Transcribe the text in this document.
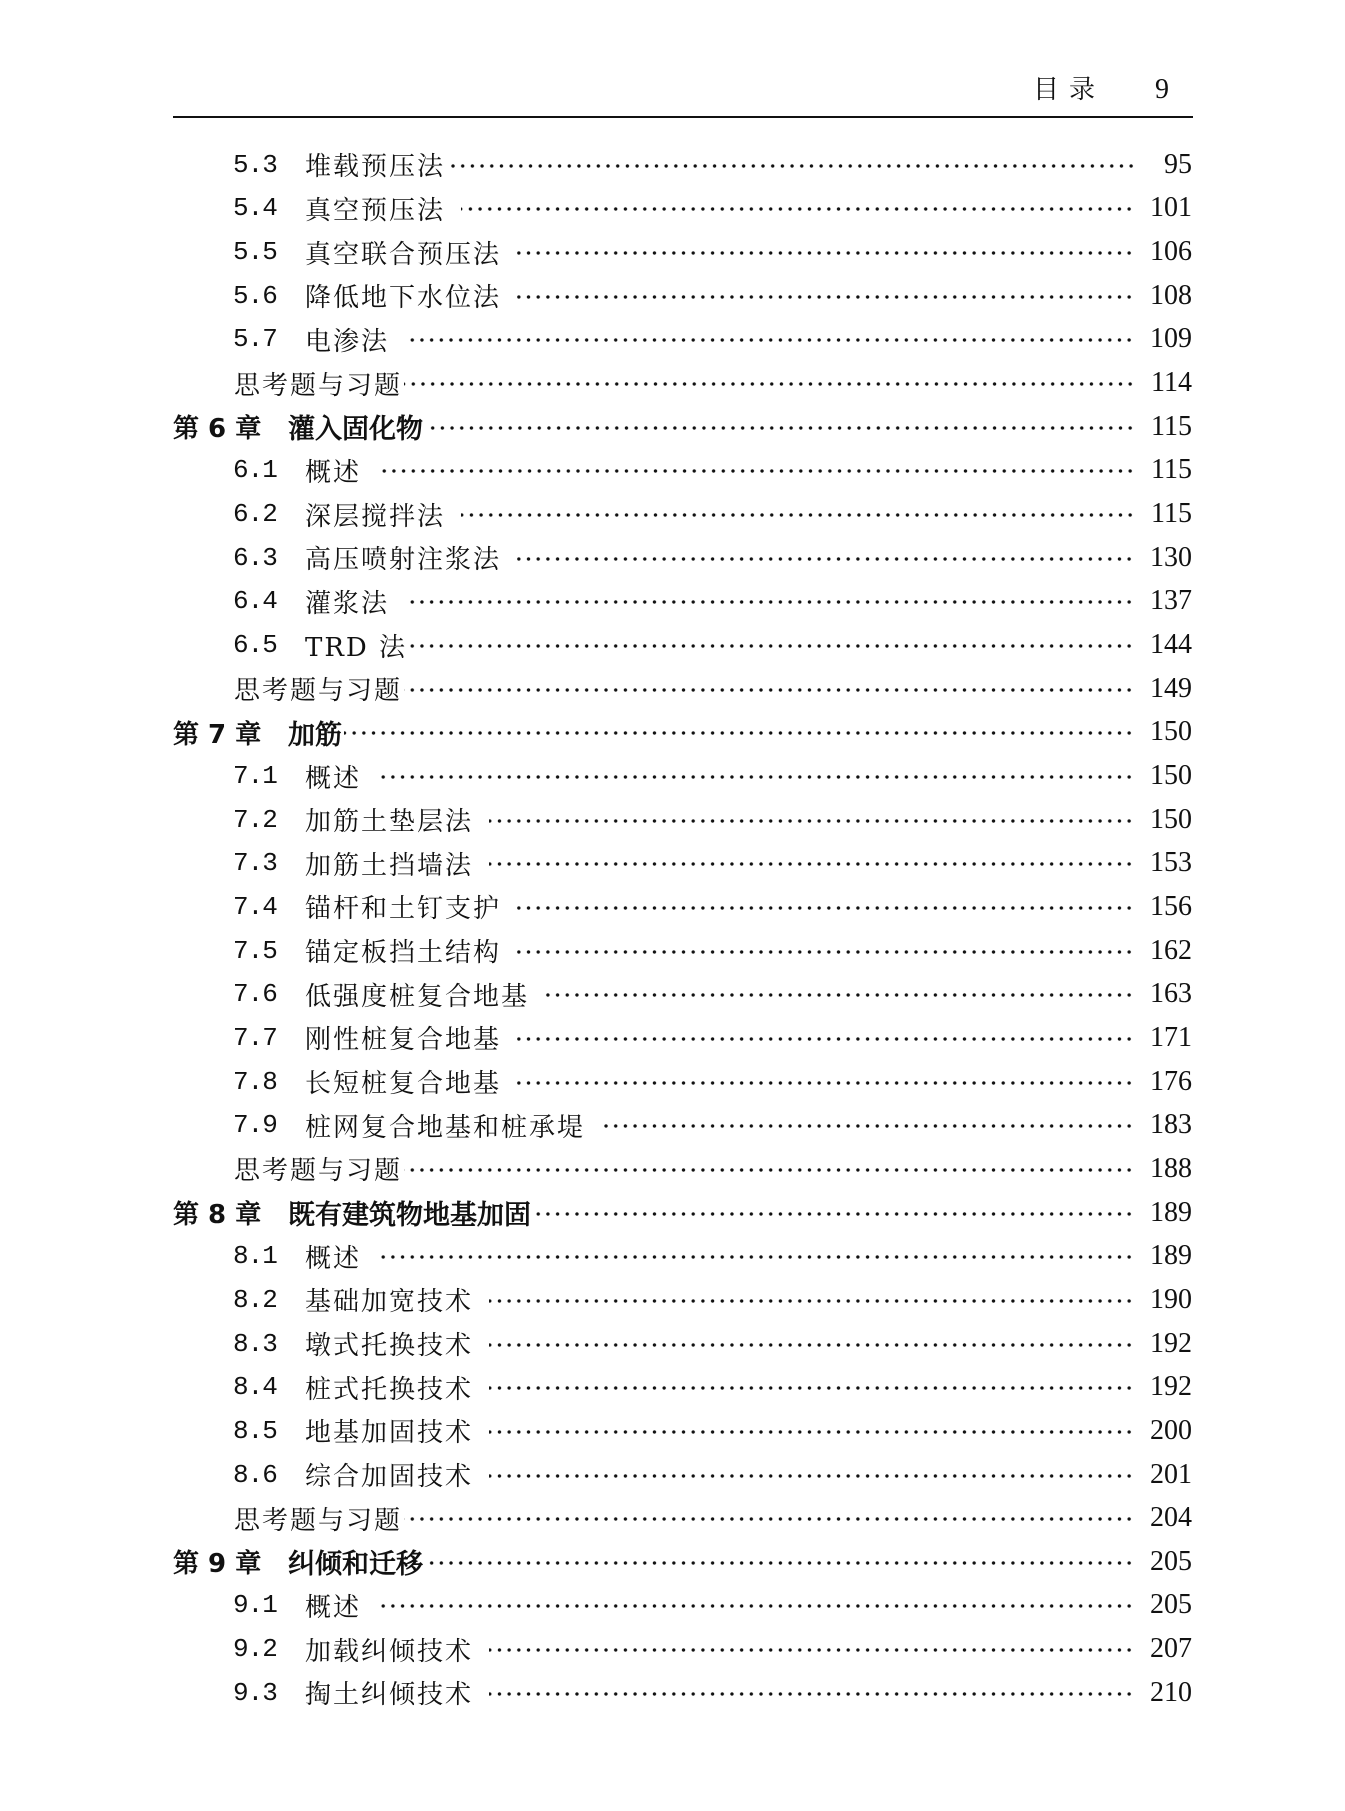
目录 9
5.3	堆载预压法	95
5.4	真空预压法	101
5.5	真空联合预压法	106
5.6	降低地下水位法	108
5.7	电渗法	109
思考题与习题	114
第 6 章 灌入固化物	115
6.1	概述	115
6.2	深层搅拌法	115
6.3	高压喷射注浆法	130
6.4	灌浆法	137
6.5	TRD 法	144
思考题与习题	149
第 7 章 加筋	150
7.1	概述	150
7.2	加筋土垫层法	150
7.3	加筋土挡墙法	153
7.4	锚杆和土钉支护	156
7.5	锚定板挡土结构	162
7.6	低强度桩复合地基	163
7.7	刚性桩复合地基	171
7.8	长短桩复合地基	176
7.9	桩网复合地基和桩承堤	183
思考题与习题	188
第 8 章 既有建筑物地基加固	189
8.1	概述	189
8.2	基础加宽技术	190
8.3	墩式托换技术	192
8.4	桩式托换技术	192
8.5	地基加固技术	200
8.6	综合加固技术	201
思考题与习题	204
第 9 章 纠倾和迁移	205
9.1	概述	205
9.2	加载纠倾技术	207
9.3	掏土纠倾技术	210
